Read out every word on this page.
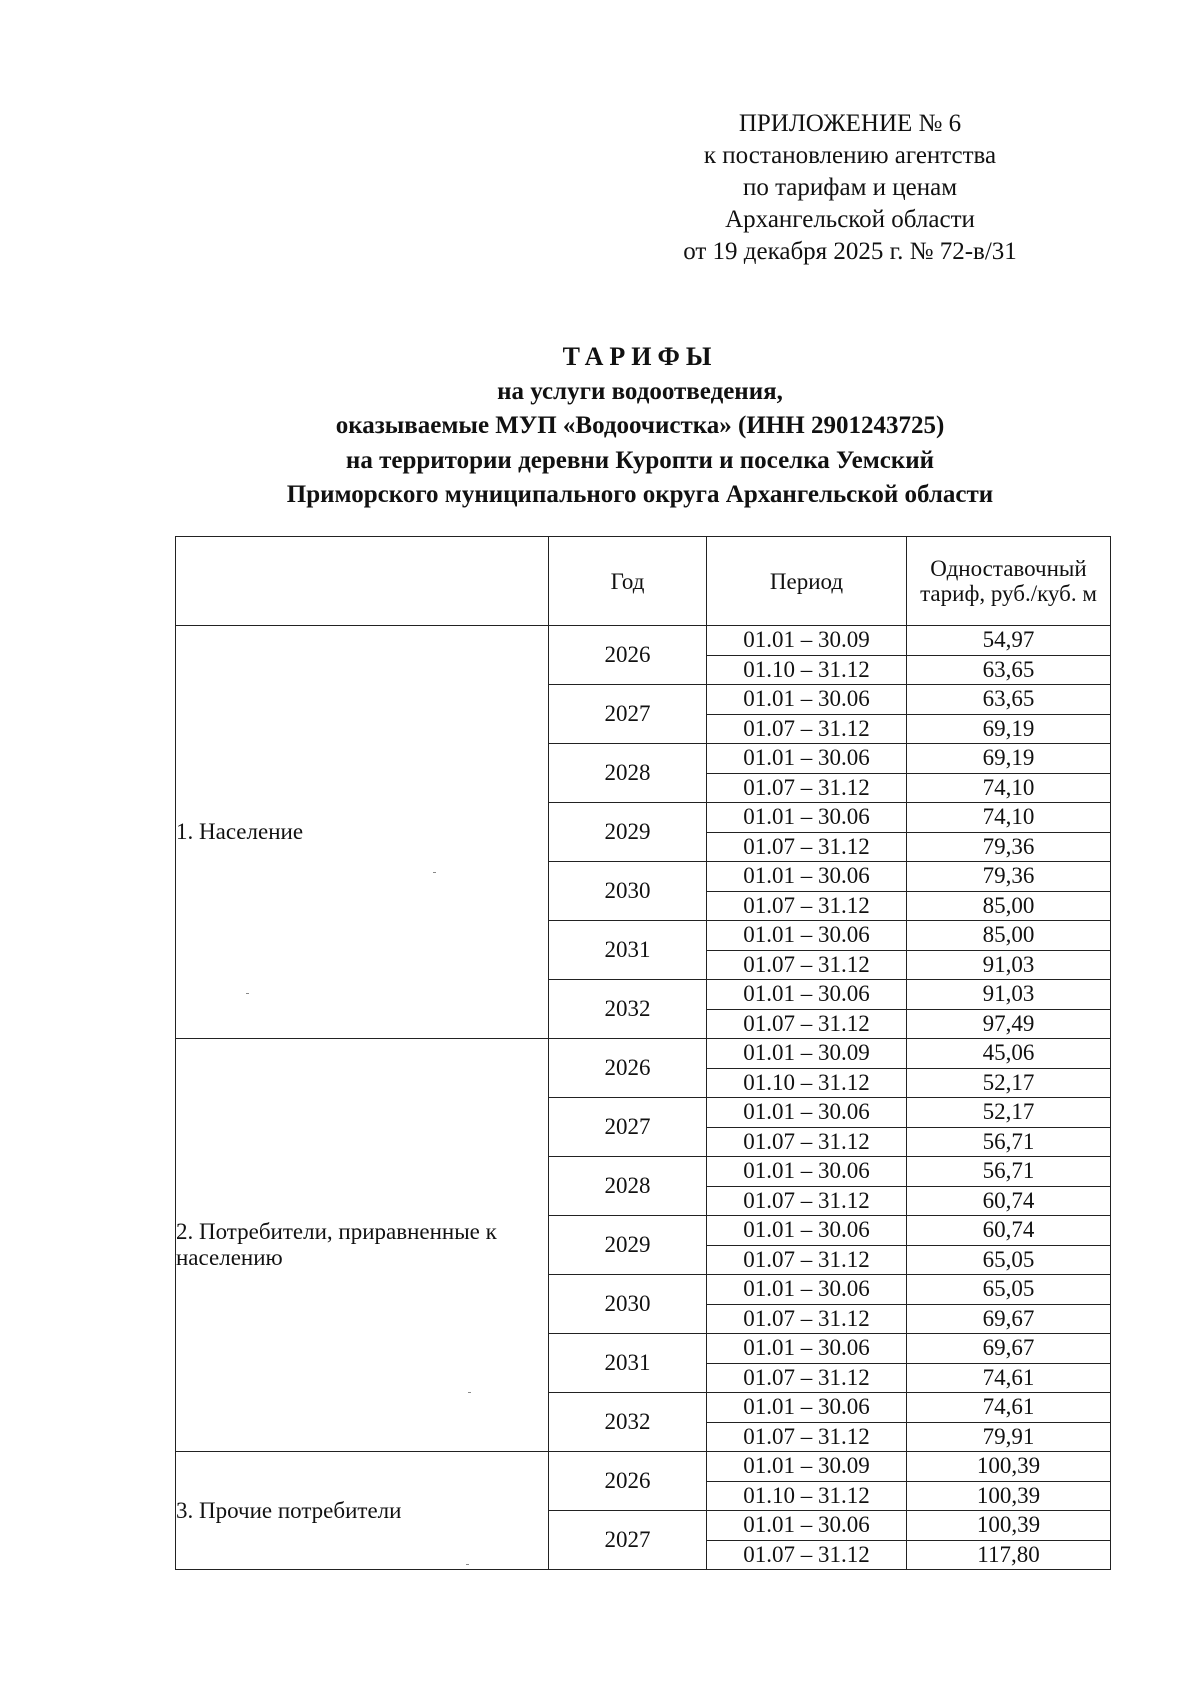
ПРИЛОЖЕНИЕ № 6
к постановлению агентства
по тарифам и ценам
Архангельской области
от 19 декабря 2025 г. № 72-в/31
ТАРИФЫ
на услуги водоотведения,
оказываемые МУП «Водоочистка» (ИНН 2901243725)
на территории деревни Куропти и поселка Уемский
Приморского муниципального округа Архангельской области
	Год	Период	Одноставочный тариф, руб./куб. м
1. Население	2026	01.01 – 30.09	54,97
		01.10 – 31.12	63,65
	2027	01.01 – 30.06	63,65
		01.07 – 31.12	69,19
	2028	01.01 – 30.06	69,19
		01.07 – 31.12	74,10
	2029	01.01 – 30.06	74,10
		01.07 – 31.12	79,36
	2030	01.01 – 30.06	79,36
		01.07 – 31.12	85,00
	2031	01.01 – 30.06	85,00
		01.07 – 31.12	91,03
	2032	01.01 – 30.06	91,03
		01.07 – 31.12	97,49
2. Потребители, приравненные к населению	2026	01.01 – 30.09	45,06
		01.10 – 31.12	52,17
	2027	01.01 – 30.06	52,17
		01.07 – 31.12	56,71
	2028	01.01 – 30.06	56,71
		01.07 – 31.12	60,74
	2029	01.01 – 30.06	60,74
		01.07 – 31.12	65,05
	2030	01.01 – 30.06	65,05
		01.07 – 31.12	69,67
	2031	01.01 – 30.06	69,67
		01.07 – 31.12	74,61
	2032	01.01 – 30.06	74,61
		01.07 – 31.12	79,91
3. Прочие потребители	2026	01.01 – 30.09	100,39
		01.10 – 31.12	100,39
	2027	01.01 – 30.06	100,39
		01.07 – 31.12	117,80
